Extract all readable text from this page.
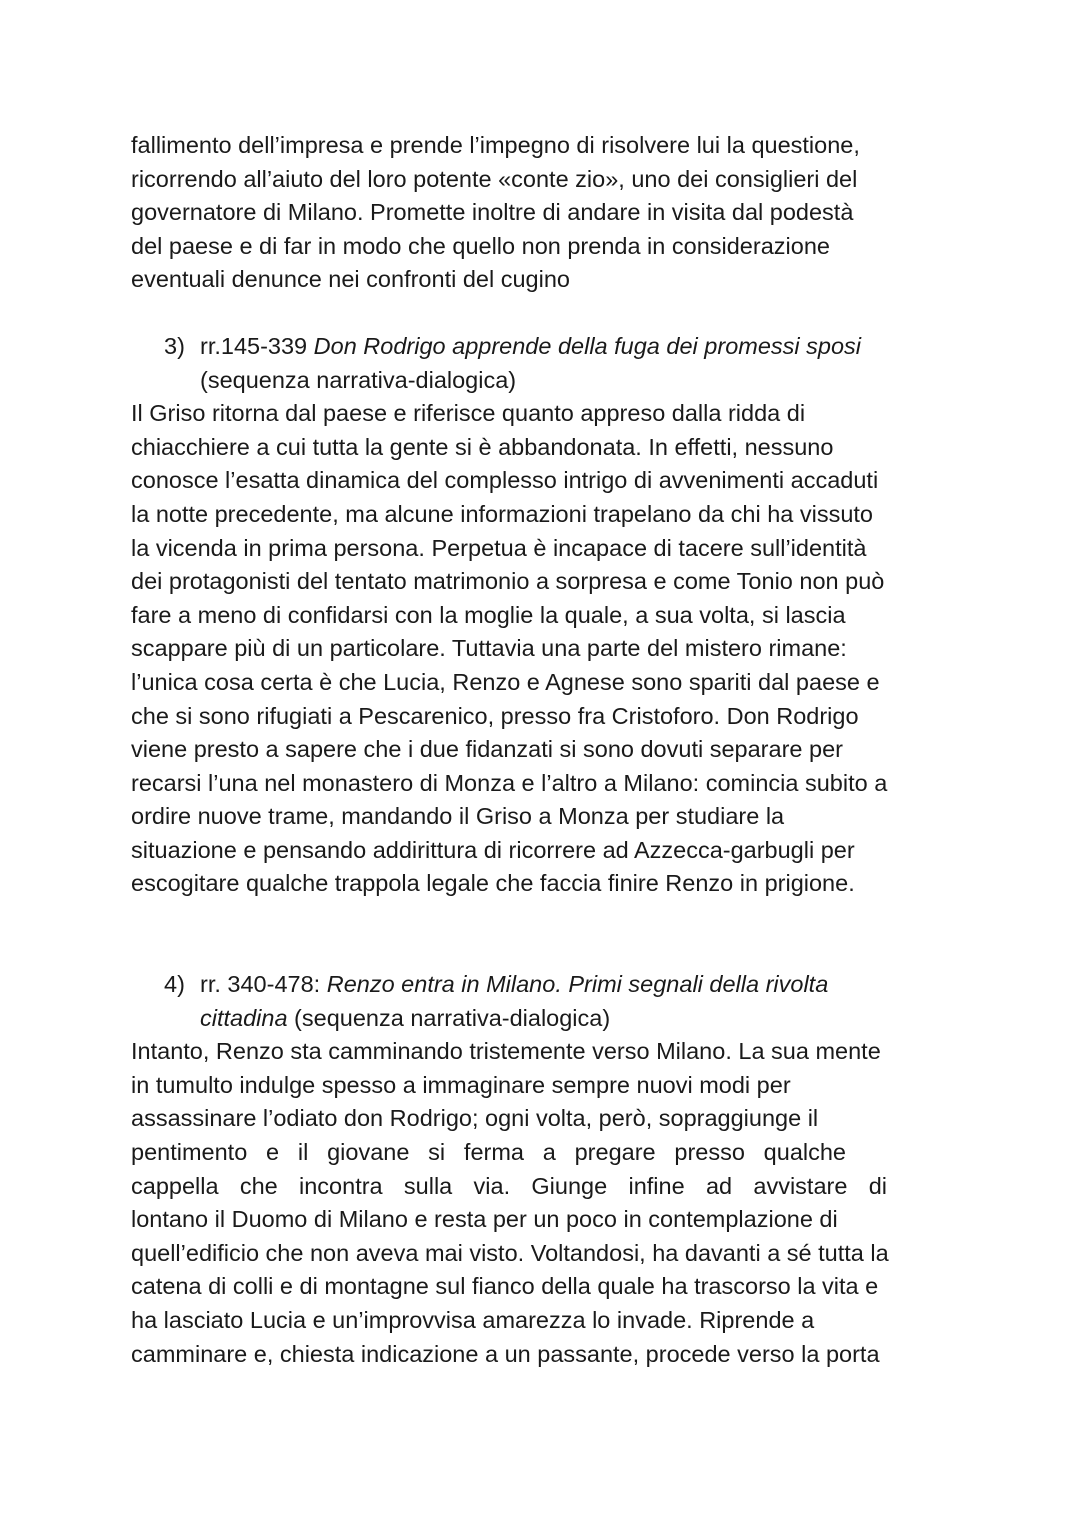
fallimento dell’impresa e prende l’impegno di risolvere lui la questione,

ricorrendo all’aiuto del loro potente «conte zio», uno dei consiglieri del

governatore di Milano. Promette inoltre di andare in visita dal podestà

del paese e di far in modo che quello non prenda in considerazione

eventuali denunce nei confronti del cugino

3) rr.145-339 Don Rodrigo apprende della fuga dei promessi sposi

(sequenza narrativa-dialogica)

Il Griso ritorna dal paese e riferisce quanto appreso dalla ridda di

chiacchiere a cui tutta la gente si è abbandonata. In effetti, nessuno

conosce l’esatta dinamica del complesso intrigo di avvenimenti accaduti

la notte precedente, ma alcune informazioni trapelano da chi ha vissuto

la vicenda in prima persona. Perpetua è incapace di tacere sull’identità

dei protagonisti del tentato matrimonio a sorpresa e come Tonio non può

fare a meno di confidarsi con la moglie la quale, a sua volta, si lascia

scappare più di un particolare. Tuttavia una parte del mistero rimane:

l’unica cosa certa è che Lucia, Renzo e Agnese sono spariti dal paese e

che si sono rifugiati a Pescarenico, presso fra Cristoforo. Don Rodrigo

viene presto a sapere che i due fidanzati si sono dovuti separare per

recarsi l’una nel monastero di Monza e l’altro a Milano: comincia subito a

ordire nuove trame, mandando il Griso a Monza per studiare la

situazione e pensando addirittura di ricorrere ad Azzecca-garbugli per

escogitare qualche trappola legale che faccia finire Renzo in prigione.

4) rr. 340-478: Renzo entra in Milano. Primi segnali della rivolta

cittadina (sequenza narrativa-dialogica)

Intanto, Renzo sta camminando tristemente verso Milano. La sua mente

in tumulto indulge spesso a immaginare sempre nuovi modi per

assassinare l’odiato don Rodrigo; ogni volta, però, sopraggiunge il

pentimento e il giovane si ferma a pregare presso qualche

cappella che incontra sulla via. Giunge infine ad avvistare di

lontano il Duomo di Milano e resta per un poco in contemplazione di

quell’edificio che non aveva mai visto. Voltandosi, ha davanti a sé tutta la

catena di colli e di montagne sul fianco della quale ha trascorso la vita e

ha lasciato Lucia e un’improvvisa amarezza lo invade. Riprende a

camminare e, chiesta indicazione a un passante, procede verso la porta
